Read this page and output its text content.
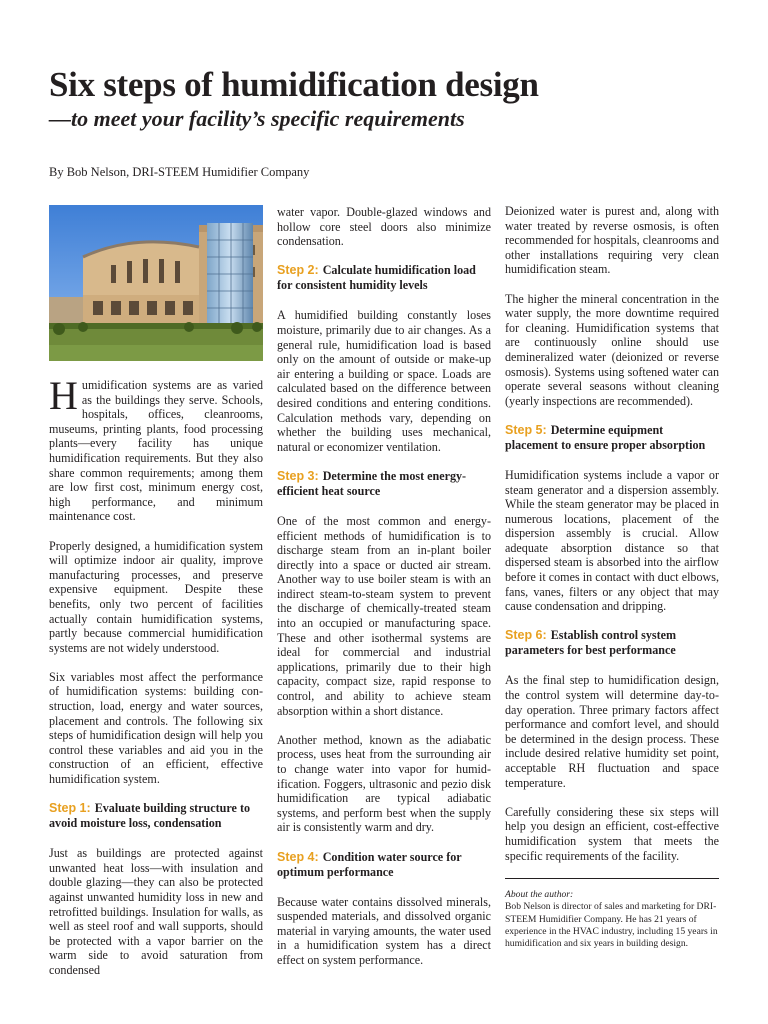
Six steps of humidification design
—to meet your facility’s specific requirements
By Bob Nelson, DRI-STEEM Humidifier Company

Humidification systems are as varied as the buildings they serve. Schools, hospitals, offices, cleanrooms, museums, printing plants, food processing plants—every facility has unique humidification requirements. But they also share common requirements; among them are low first cost, minimum energy cost, high performance, and minimum maintenance cost.

Properly designed, a humidification system will optimize indoor air quality, improve manufacturing processes, and preserve expensive equipment. Despite these benefits, only two percent of facilities actually contain humidification systems, partly because commercial humidification systems are not widely understood.

Six variables most affect the performance of humidification systems: building construction, load, energy and water sources, placement and controls. The following six steps of humidification design will help you control these variables and aid you in the construction of an efficient, effective humidification system.

Step 1: Evaluate building structure to avoid moisture loss, condensation

Just as buildings are protected against unwanted heat loss—with insulation and double glazing—they can also be protected against unwanted humidity loss in new and retrofitted buildings. Insulation for walls, as well as steel roof and wall supports, should be protected with a vapor barrier on the warm side to avoid saturation from condensed

water vapor. Double-glazed windows and hollow core steel doors also minimize condensation.

Step 2: Calculate humidification load for consistent humidity levels

A humidified building constantly loses moisture, primarily due to air changes. As a general rule, humidification load is based only on the amount of outside or make-up air entering a building or space. Loads are calculated based on the difference between desired conditions and entering conditions. Calculation methods vary, depending on whether the building uses mechanical, natural or economizer ventilation.

Step 3: Determine the most energy-efficient heat source

One of the most common and energy-efficient methods of humidification is to discharge steam from an in-plant boiler directly into a space or ducted air stream. Another way to use boiler steam is with an indirect steam-to-steam system to prevent the discharge of chemically-treated steam into an occupied or manufacturing space. These and other isothermal systems are ideal for commercial and industrial applications, primarily due to their high capacity, compact size, rapid response to control, and ability to achieve steam absorption within a short distance.

Another method, known as the adiabatic process, uses heat from the surrounding air to change water into vapor for humidification. Foggers, ultrasonic and pezio disk humidification are typical adiabatic systems, and perform best when the supply air is consistently warm and dry.

Step 4: Condition water source for optimum performance

Because water contains dissolved minerals, suspended materials, and dissolved organic material in varying amounts, the water used in a humidification system has a direct effect on system performance.

Deionized water is purest and, along with water treated by reverse osmosis, is often recommended for hospitals, cleanrooms and other installations requiring very clean humidification steam.

The higher the mineral concentration in the water supply, the more downtime required for cleaning. Humidification systems that are continuously online should use demineralized water (deionized or reverse osmosis). Systems using softened water can operate several seasons without cleaning (yearly inspections are recommended).

Step 5: Determine equipment placement to ensure proper absorption

Humidification systems include a vapor or steam generator and a dispersion assembly. While the steam generator may be placed in numerous locations, placement of the dispersion assembly is crucial. Allow adequate absorption distance so that dispersed steam is absorbed into the airflow before it comes in contact with duct elbows, fans, vanes, filters or any object that may cause condensation and dripping.

Step 6: Establish control system parameters for best performance

As the final step to humidification design, the control system will determine day-to-day operation. Three primary factors affect performance and comfort level, and should be determined in the design process. These include desired relative humidity set point, acceptable RH fluctuation and space temperature.

Carefully considering these six steps will help you design an efficient, cost-effective humidification system that meets the specific requirements of the facility.

About the author:
Bob Nelson is director of sales and marketing for DRI-STEEM Humidifier Company. He has 21 years of experience in the HVAC industry, including 15 years in humidification and six years in building design.
